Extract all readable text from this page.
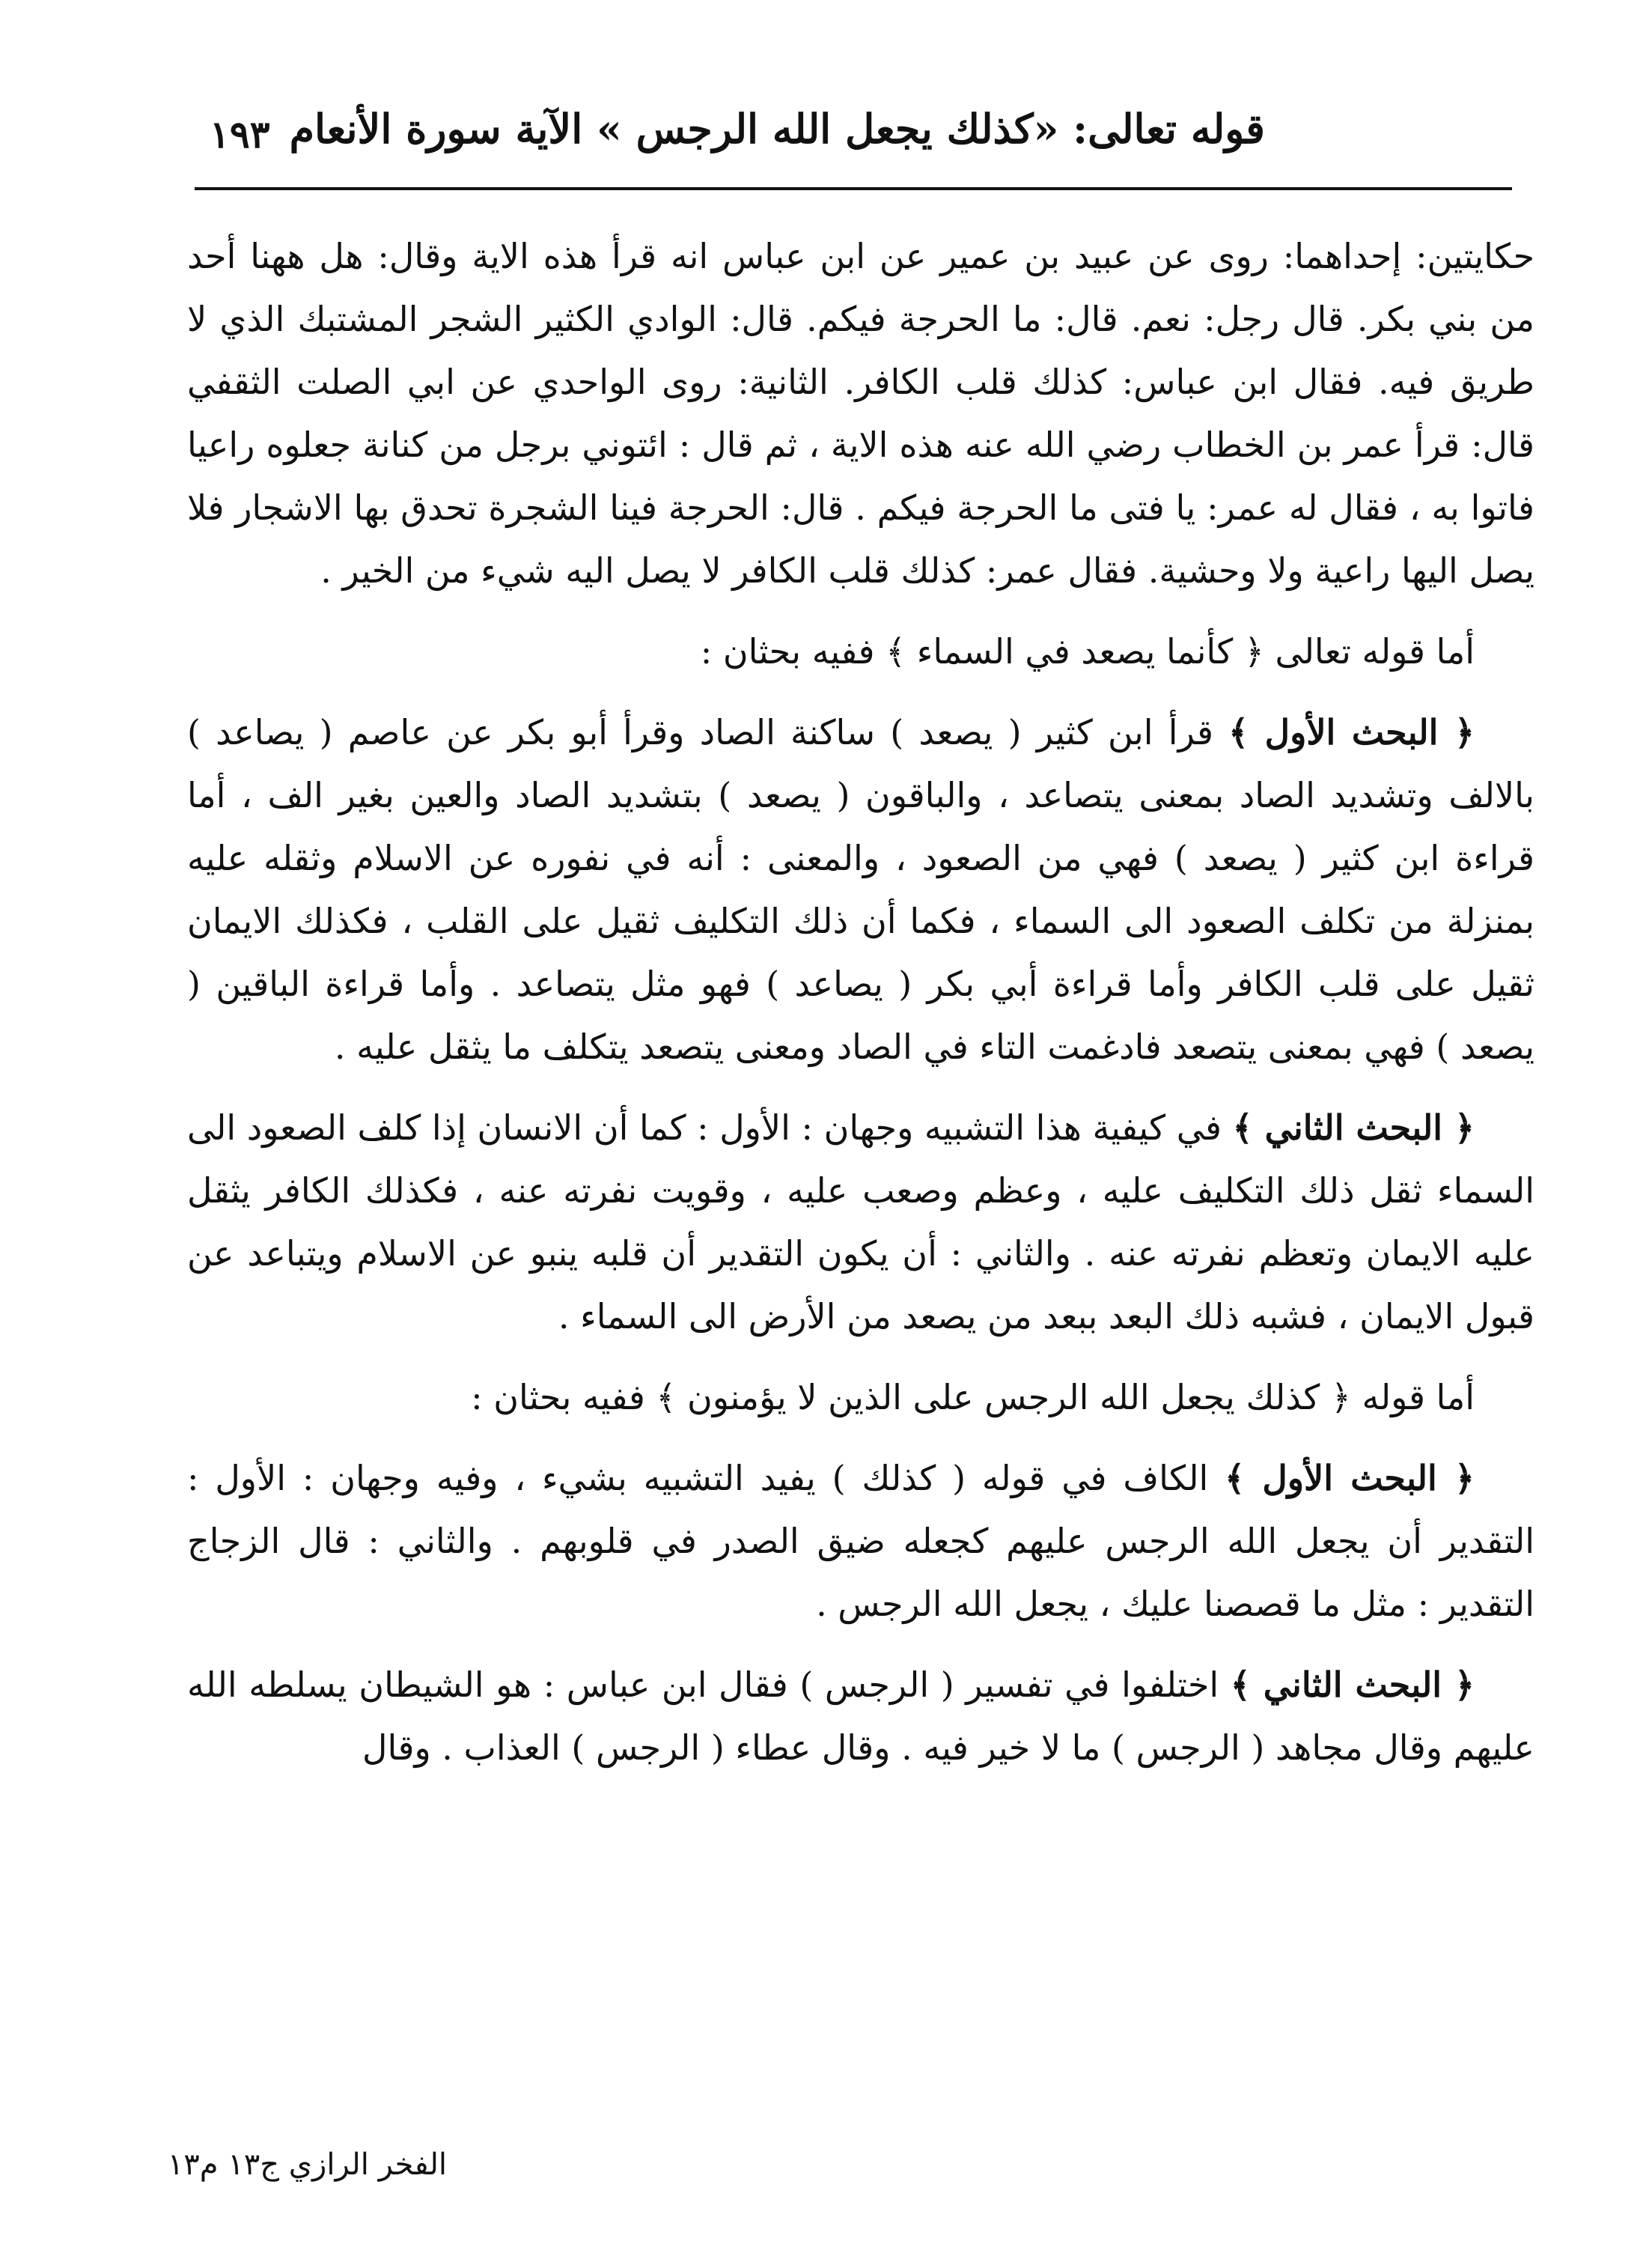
قوله تعالى: «كذلك يجعل الله الرجس » الآية سورة الأنعام
١٩٣

حكايتين: إحداهما: روى عن عبيد بن عمير عن ابن عباس انه قرأ هذه الاية وقال: هل ههنا أحد من بني بكر. قال رجل: نعم. قال: ما الحرجة فيكم. قال: الوادي الكثير الشجر المشتبك الذي لا طريق فيه. فقال ابن عباس: كذلك قلب الكافر. الثانية: روى الواحدي عن ابي الصلت الثقفي قال: قرأ عمر بن الخطاب رضي الله عنه هذه الاية ، ثم قال : ائتوني برجل من كنانة جعلوه راعيا فاتوا به ، فقال له عمر: يا فتى ما الحرجة فيكم . قال: الحرجة فينا الشجرة تحدق بها الاشجار فلا يصل اليها راعية ولا وحشية. فقال عمر: كذلك قلب الكافر لا يصل اليه شيء من الخير .

أما قوله تعالى ﴿ كأنما يصعد في السماء ﴾ ففيه بحثان :

﴿ البحث الأول ﴾ قرأ ابن كثير ( يصعد ) ساكنة الصاد وقرأ أبو بكر عن عاصم ( يصاعد ) بالالف وتشديد الصاد بمعنى يتصاعد ، والباقون ( يصعد ) بتشديد الصاد والعين بغير الف ، أما قراءة ابن كثير ( يصعد ) فهي من الصعود ، والمعنى : أنه في نفوره عن الاسلام وثقله عليه بمنزلة من تكلف الصعود الى السماء ، فكما أن ذلك التكليف ثقيل على القلب ، فكذلك الايمان ثقيل على قلب الكافر وأما قراءة أبي بكر ( يصاعد ) فهو مثل يتصاعد . وأما قراءة الباقين ( يصعد ) فهي بمعنى يتصعد فادغمت التاء في الصاد ومعنى يتصعد يتكلف ما يثقل عليه .

﴿ البحث الثاني ﴾ في كيفية هذا التشبيه وجهان : الأول : كما أن الانسان إذا كلف الصعود الى السماء ثقل ذلك التكليف عليه ، وعظم وصعب عليه ، وقويت نفرته عنه ، فكذلك الكافر يثقل عليه الايمان وتعظم نفرته عنه . والثاني : أن يكون التقدير أن قلبه ينبو عن الاسلام ويتباعد عن قبول الايمان ، فشبه ذلك البعد ببعد من يصعد من الأرض الى السماء .

أما قوله ﴿ كذلك يجعل الله الرجس على الذين لا يؤمنون ﴾ ففيه بحثان :

﴿ البحث الأول ﴾ الكاف في قوله ( كذلك ) يفيد التشبيه بشيء ، وفيه وجهان : الأول : التقدير أن يجعل الله الرجس عليهم كجعله ضيق الصدر في قلوبهم . والثاني : قال الزجاج التقدير : مثل ما قصصنا عليك ، يجعل الله الرجس .

﴿ البحث الثاني ﴾ اختلفوا في تفسير ( الرجس ) فقال ابن عباس : هو الشيطان يسلطه الله عليهم وقال مجاهد ( الرجس ) ما لا خير فيه . وقال عطاء ( الرجس ) العذاب . وقال

الفخر الرازي ج١٣ م١٣
